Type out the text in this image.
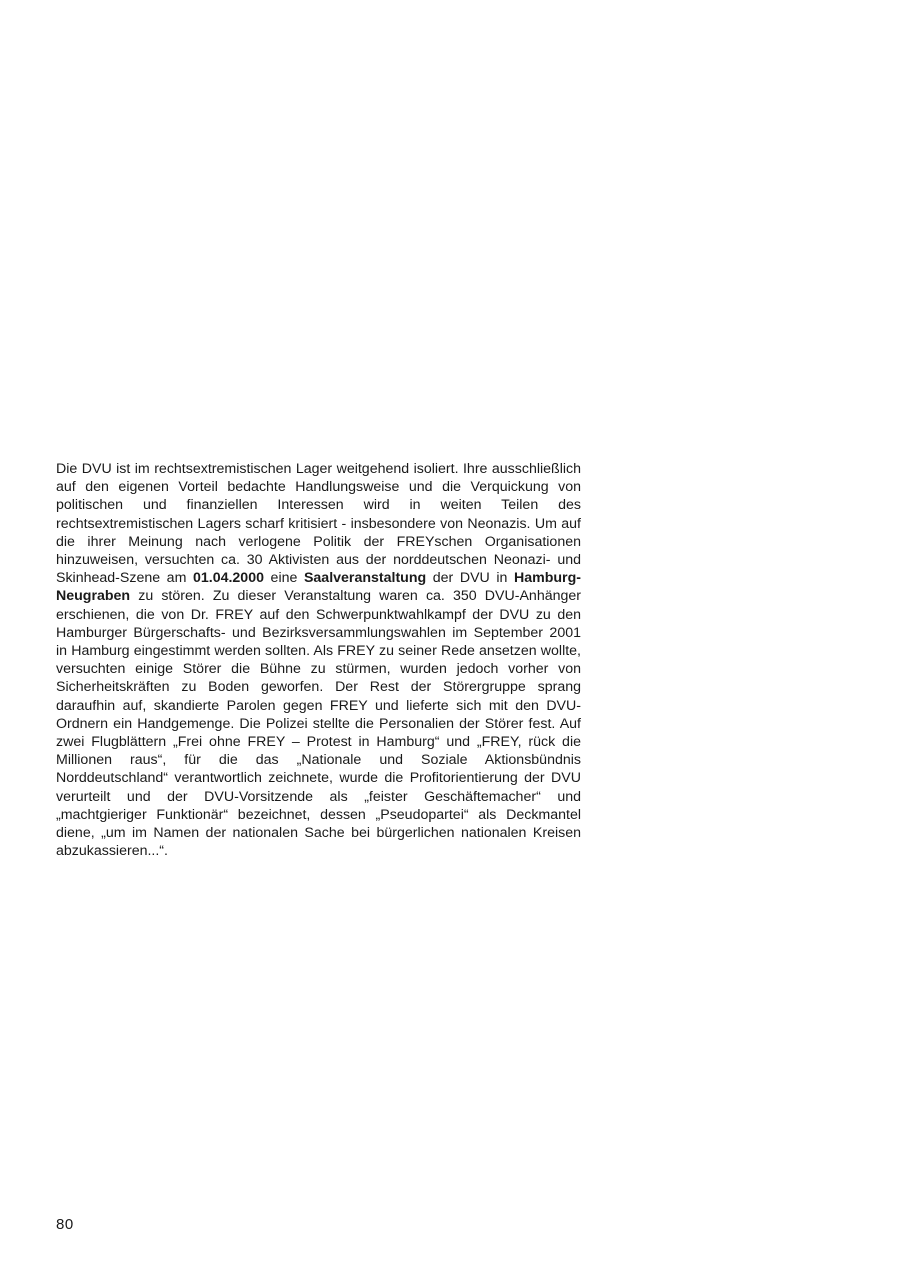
Die DVU ist im rechtsextremistischen Lager weitgehend isoliert. Ihre ausschließlich auf den eigenen Vorteil bedachte Handlungsweise und die Verquickung von politischen und finanziellen Interessen wird in weiten Teilen des rechtsextremistischen Lagers scharf kritisiert - insbesondere von Neonazis. Um auf die ihrer Meinung nach verlogene Politik der FREYschen Organisationen hinzuweisen, versuchten ca. 30 Aktivisten aus der norddeutschen Neonazi- und Skinhead-Szene am 01.04.2000 eine Saalveranstaltung der DVU in Hamburg-Neugraben zu stören. Zu dieser Veranstaltung waren ca. 350 DVU-Anhänger erschienen, die von Dr. FREY auf den Schwerpunktwahlkampf der DVU zu den Hamburger Bürgerschafts- und Bezirksversammlungswahlen im September 2001 in Hamburg eingestimmt werden sollten. Als FREY zu seiner Rede ansetzen wollte, versuchten einige Störer die Bühne zu stürmen, wurden jedoch vorher von Sicherheitskräften zu Boden geworfen. Der Rest der Störergruppe sprang daraufhin auf, skandierte Parolen gegen FREY und lieferte sich mit den DVU-Ordnern ein Handgemenge. Die Polizei stellte die Personalien der Störer fest. Auf zwei Flugblättern „Frei ohne FREY – Protest in Hamburg“ und „FREY, rück die Millionen raus“, für die das „Nationale und Soziale Aktionsbündnis Norddeutschland“ verantwortlich zeichnete, wurde die Profitorientierung der DVU verurteilt und der DVU-Vorsitzende als „feister Geschäftemacher“ und „machtgieriger Funktionär“ bezeichnet, dessen „Pseudopartei“ als Deckmantel diene, „um im Namen der nationalen Sache bei bürgerlichen nationalen Kreisen abzukassieren...“.

80
